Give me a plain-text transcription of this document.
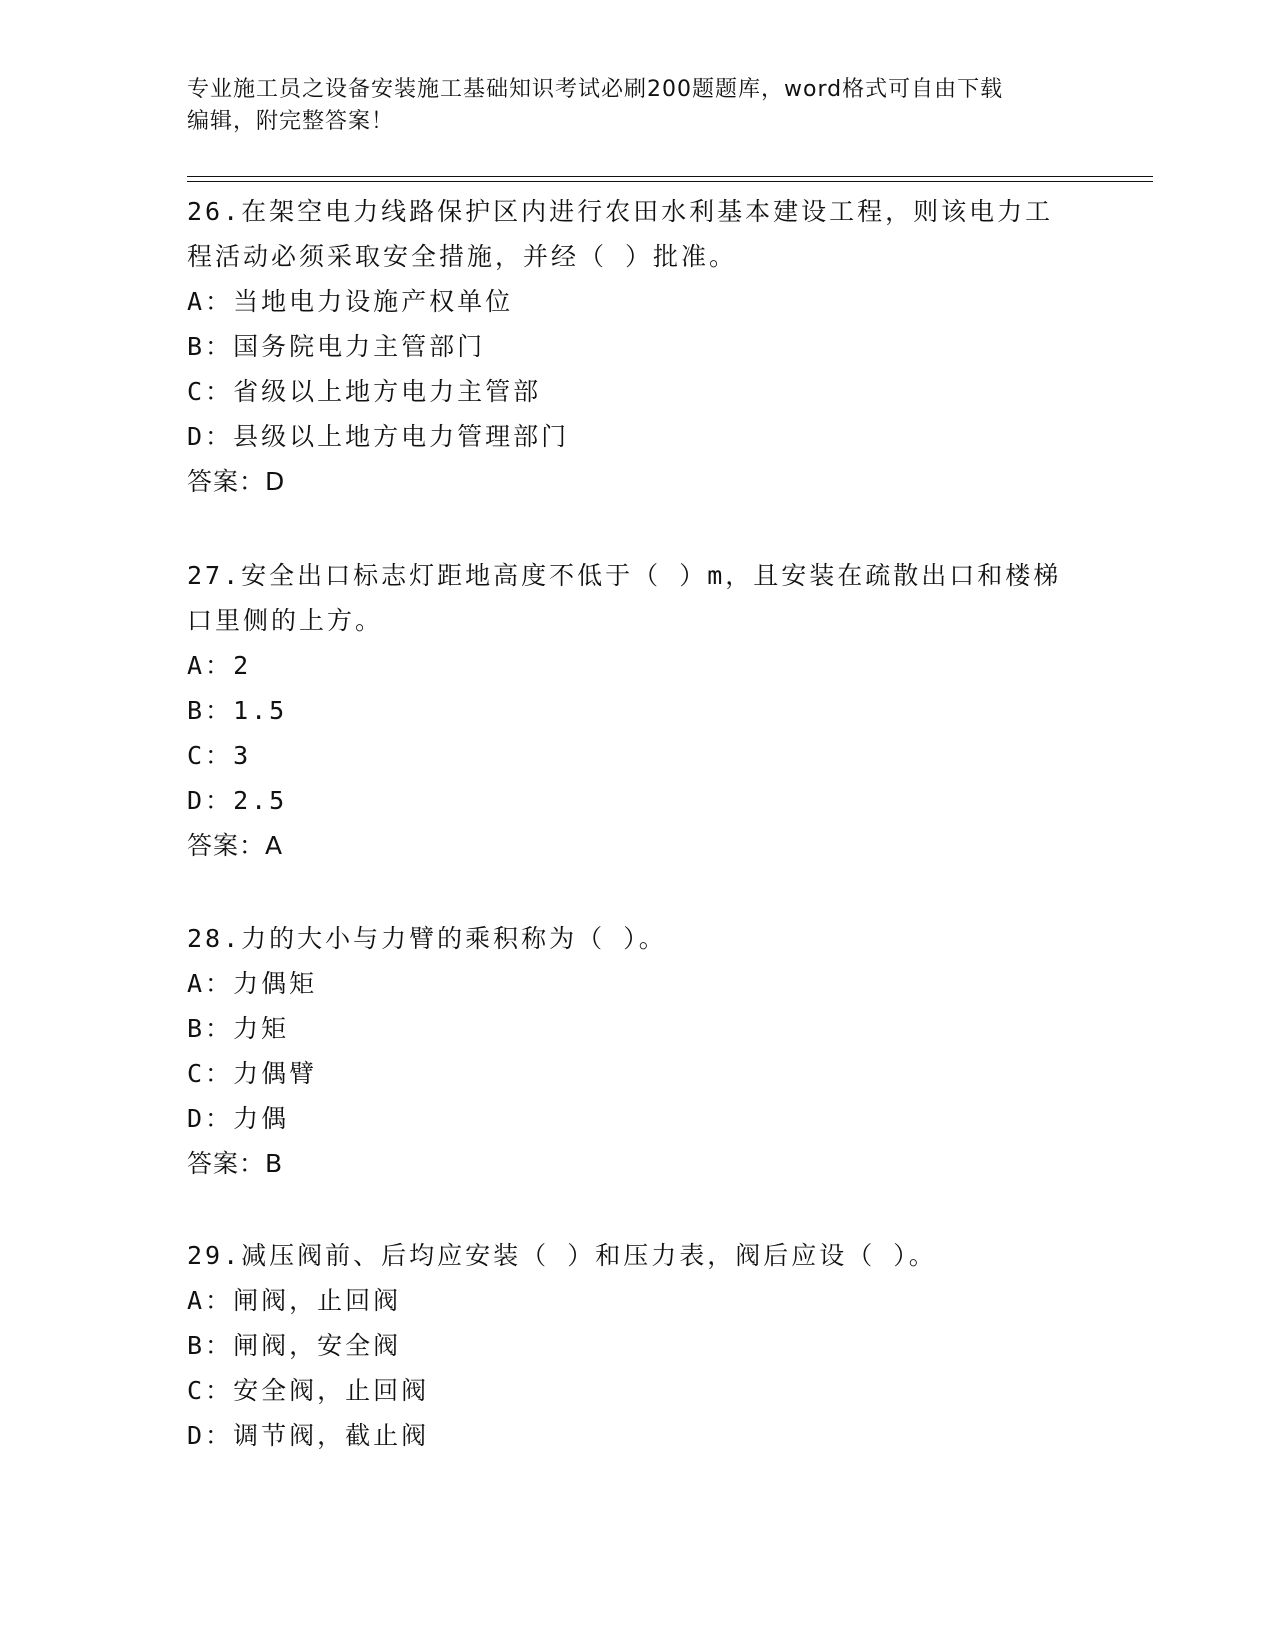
专业施工员之设备安装施工基础知识考试必刷200题题库，word格式可自由下载
编辑，附完整答案！
26.在架空电力线路保护区内进行农田水利基本建设工程，则该电力工
程活动必须采取安全措施，并经（ ）批准。
A：当地电力设施产权单位
B：国务院电力主管部门
C：省级以上地方电力主管部
D：县级以上地方电力管理部门
答案：D
27.安全出口标志灯距地高度不低于（ ）m，且安装在疏散出口和楼梯
口里侧的上方。
A：2
B：1.5
C：3
D：2.5
答案：A
28.力的大小与力臂的乘积称为（ ）。
A：力偶矩
B：力矩
C：力偶臂
D：力偶
答案：B
29.减压阀前、后均应安装（ ）和压力表，阀后应设（ ）。
A：闸阀，止回阀
B：闸阀，安全阀
C：安全阀，止回阀
D：调节阀，截止阀
